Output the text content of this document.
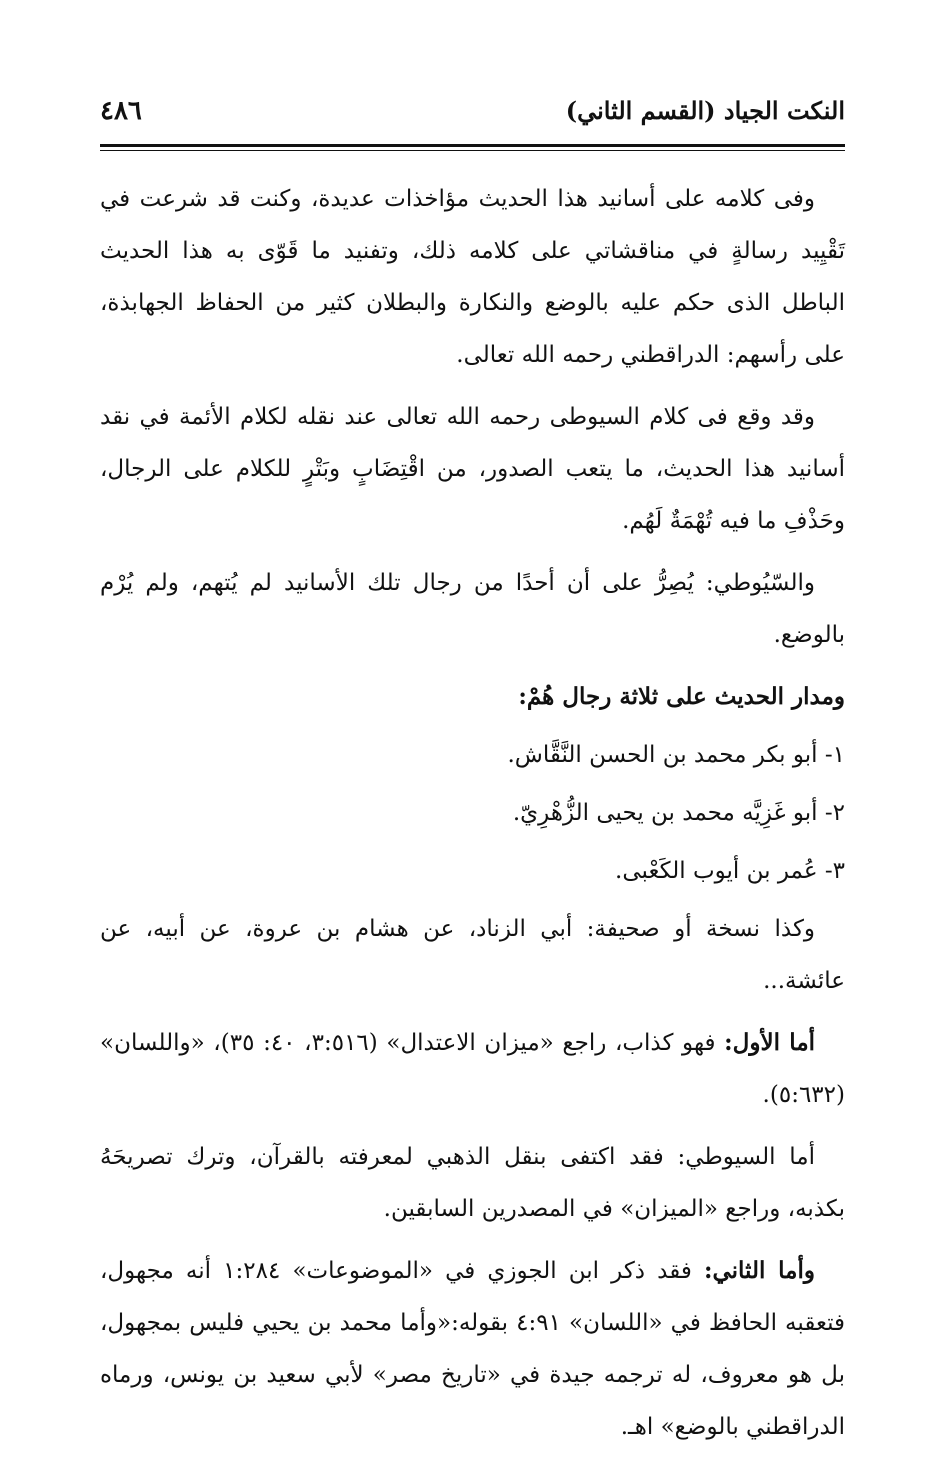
النكت الجياد (القسم الثاني)
٤٨٦

وفى كلامه على أسانيد هذا الحديث مؤاخذات عديدة، وكنت قد شرعت في تَقْيِيد رسالةٍ في مناقشاتي على كلامه ذلك، وتفنيد ما قَوّى به هذا الحديث الباطل الذى حكم عليه بالوضع والنكارة والبطلان كثير من الحفاظ الجهابذة، على رأسهم: الدراقطني رحمه الله تعالى.

وقد وقع فى كلام السيوطى رحمه الله تعالى عند نقله لكلام الأئمة في نقد أسانيد هذا الحديث، ما يتعب الصدور، من اقْتِضَابٍ وبَتْرٍ للكلام على الرجال، وحَذْفِ ما فيه تُهْمَةٌ لَهُم.

والسّيُوطي: يُصِرُّ على أن أحدًا من رجال تلك الأسانيد لم يُتهم، ولم يُرْم بالوضع.

ومدار الحديث على ثلاثة رجال هُمْ:

١- أبو بكر محمد بن الحسن النَّقَّاش.

٢- أبو غَزِيَّه محمد بن يحيى الزُّهْرِيّ.

٣- عُمر بن أيوب الكَعْبى.

وكذا نسخة أو صحيفة: أبي الزناد، عن هشام بن عروة، عن أبيه، عن عائشة...

أما الأول: فهو كذاب، راجع «ميزان الاعتدال» (٣:٥١٦، ٤٠: ٣٥)، «واللسان» (٥:٦٣٢).

أما السيوطي: فقد اكتفى بنقل الذهبي لمعرفته بالقرآن، وترك تصريحَهُ بكذبه، وراجع «الميزان» في المصدرين السابقين.

وأما الثاني: فقد ذكر ابن الجوزي في «الموضوعات» ١:٢٨٤ أنه مجهول، فتعقبه الحافظ في «اللسان» ٤:٩١ بقوله:«وأما محمد بن يحيي فليس بمجهول، بل هو معروف، له ترجمه جيدة في «تاريخ مصر» لأبي سعيد بن يونس، ورماه الدراقطني بالوضع» اهـ.
